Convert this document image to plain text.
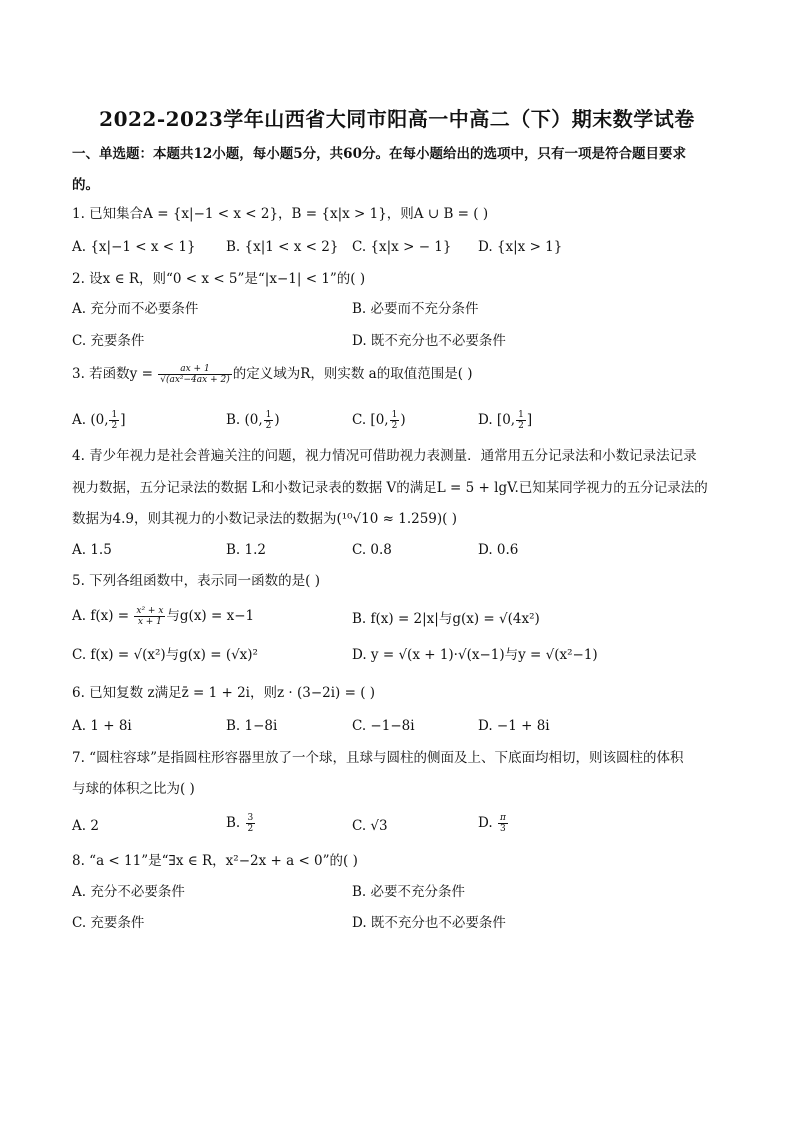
2022-2023学年山西省大同市阳高一中高二（下）期末数学试卷
一、单选题：本题共12小题，每小题5分，共60分。在每小题给出的选项中，只有一项是符合题目要求
的。
1. 已知集合A = {x|−1 < x < 2}，B = {x|x > 1}，则A ∪ B = ( )
A. {x|−1 < x < 1} B. {x|1 < x < 2} C. {x|x > − 1} D. {x|x > 1}
2. 设x ∈ R，则“0 < x < 5”是“|x−1| < 1”的( )
A. 充分而不必要条件	B. 必要而不充分条件
C. 充要条件	D. 既不充分也不必要条件
3. 若函数$y = \frac{ax + 1}{\text{√(ax²−4ax + 2)}}$ 的定义域为R，则实数 a的取值范围是( )
A. (0, $\frac{1}{2}$ ]	B. (0, $\frac{1}{2}$ )	C. [0, $\frac{1}{2}$ )	D. [0, $\frac{1}{2}$ ]
4. 青少年视力是社会普遍关注的问题，视力情况可借助视力表测量．通常用五分记录法和小数记录法记录
视力数据，五分记录法的数据 L和小数记录表的数据 V的满足L = 5 + lgV.已知某同学视力的五分记录法的
数据为4.9，则其视力的小数记录法的数据为(¹⁰√10 ≈ 1.259)( )
A. 1.5	B. 1.2	C. 0.8	D. 0.6
5. 下列各组函数中，表示同一函数的是( )
A. $f(x) = \frac{\text{x² + x}}{x + 1}$ 与g(x) = x−1	B. f(x) = 2|x|与g(x) = √(4x²)
C. f(x) = √(x²)与g(x) = (√x)²	D. y = √(x + 1)·√(x−1)与y = √(x²−1)
6. 已知复数 z满足z̄ = 1 + 2i，则z · (3−2i) = ( )
A. 1 + 8i	B. 1−8i	C. −1−8i	D. −1 + 8i
7. “圆柱容球”是指圆柱形容器里放了一个球，且球与圆柱的侧面及上、下底面均相切，则该圆柱的体积
与球的体积之比为( )
A. 2	B. $\frac{3}{2}$	C. √3	D. $\frac{\pi}{3}$
8. “a < 11”是“∃x ∈ R，x²−2x + a < 0”的( )
A. 充分不必要条件	B. 必要不充分条件
C. 充要条件	D. 既不充分也不必要条件
